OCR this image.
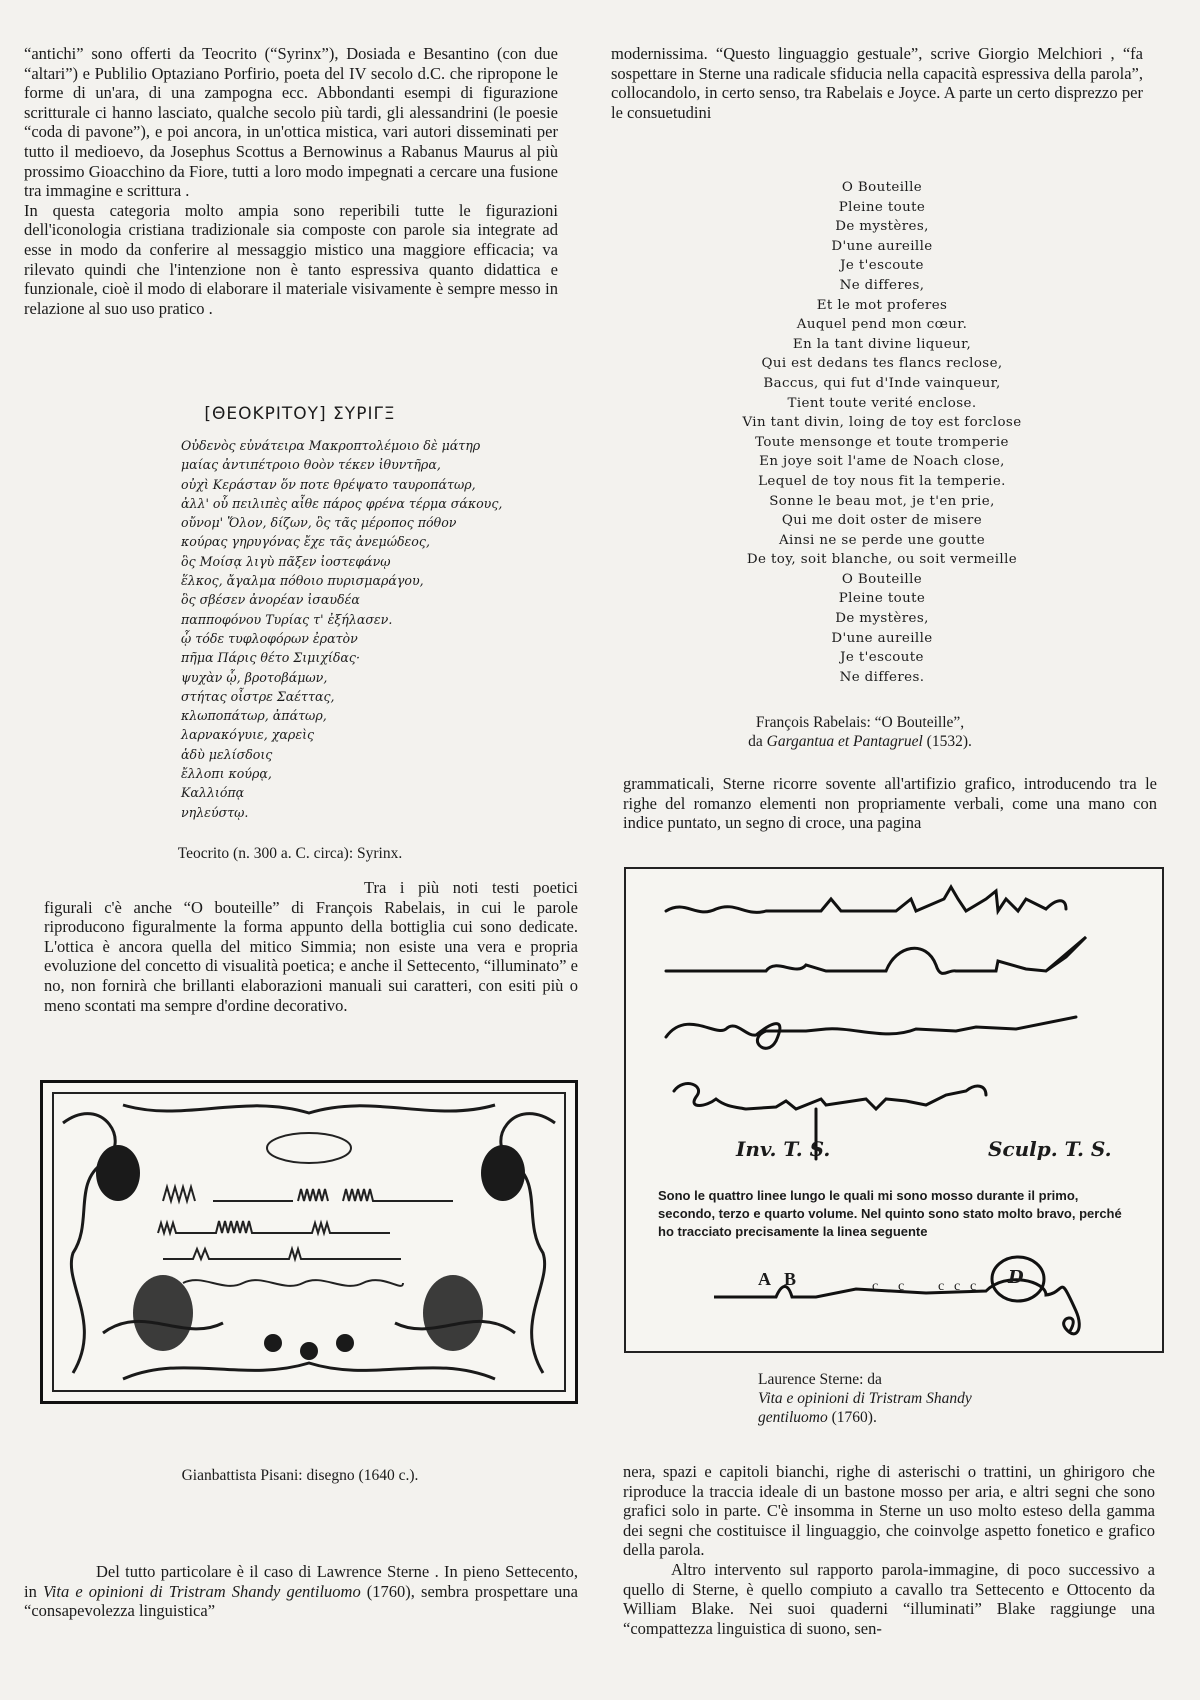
“antichi” sono offerti da Teocrito (“Syrinx”), Dosiada e Besantino (con due “altari”) e Publilio Optaziano Porfirio, poeta del IV secolo d.C. che ripropone le forme di un'ara, di una zampogna ecc. Abbondanti esempi di figurazione scritturale ci hanno lasciato, qualche secolo più tardi, gli alessandrini (le poesie “coda di pavone”), e poi ancora, in un'ottica mistica, vari autori disseminati per tutto il medioevo, da Josephus Scottus a Bernowinus a Rabanus Maurus al più prossimo Gioacchino da Fiore, tutti a loro modo impegnati a cercare una fusione tra immagine e scrittura .

In questa categoria molto ampia sono reperibili tutte le figurazioni dell'iconologia cristiana tradizionale sia composte con parole sia integrate ad esse in modo da conferire al messaggio mistico una maggiore efficacia; va rilevato quindi che l'intenzione non è tanto espressiva quanto didattica e funzionale, cioè il modo di elaborare il materiale visivamente è sempre messo in relazione al suo uso pratico .

[ΘΕΟΚΡΙΤΟΥ] ΣΥΡΙΓΞ
Οὐδενὸς εὐνάτειρα Μακροπτολέμοιο δὲ μάτηρ
μαίας ἀντιπέτροιο θοὸν τέκεν ἰθυντῆρα,
οὐχὶ Κεράσταν ὅν ποτε θρέψατο ταυροπάτωρ,
ἀλλ' οὗ πειλιπὲς αἶθε πάρος φρένα τέρμα σάκους,
οὔνομ' Ὅλον, δίζων, ὃς τᾶς μέροπος πόθον
κούρας γηρυγόνας ἔχε τᾶς ἀνεμώδεος,
ὃς Μοίσᾳ λιγὺ πᾶξεν ἰοστεφάνῳ
ἕλκος, ἄγαλμα πόθοιο πυρισμαράγου,
ὃς σβέσεν ἀνορέαν ἰσαυδέα
παπποφόνου Τυρίας τ' ἐξήλασεν.
ᾧ τόδε τυφλοφόρων ἐρατὸν
πῆμα Πάρις θέτο Σιμιχίδας·
ψυχὰν ᾧ, βροτοβάμων,
στήτας οἶστρε Σαέττας,
κλωποπάτωρ, ἀπάτωρ,
λαρνακόγυιε, χαρεὶς
ἁδὺ μελίσδοις
ἔλλοπι κούρᾳ,
Καλλιόπᾳ
νηλεύστῳ.
Teocrito (n. 300 a. C. circa): Syrinx.

Tra i più noti testi poetici figurali c'è anche “O bouteille” di François Rabelais, in cui le parole riproducono figuralmente la forma appunto della bottiglia cui sono dedicate. L'ottica è ancora quella del mitico Simmia; non esiste una vera e propria evoluzione del concetto di visualità poetica; e anche il Settecento, “illuminato” e no, non fornirà che brillanti elaborazioni manuali sui caratteri, con esiti più o meno scontati ma sempre d'ordine decorativo.

Gianbattista Pisani: disegno (1640 c.).
Del tutto particolare è il caso di Lawrence Sterne . In pieno Settecento, in Vita e opinioni di Tristram Shandy gentiluomo (1760), sembra prospettare una “consapevolezza linguistica”

modernissima. “Questo linguaggio gestuale”, scrive Giorgio Melchiori , “fa sospettare in Sterne una radicale sfiducia nella capacità espressiva della parola”, collocandolo, in certo senso, tra Rabelais e Joyce. A parte un certo disprezzo per le consuetudini

O Bouteille
Pleine toute
De mystères,
D'une aureille
Je t'escoute
Ne differes,
Et le mot proferes
Auquel pend mon cœur.
En la tant divine liqueur,
Qui est dedans tes flancs reclose,
Baccus, qui fut d'Inde vainqueur,
Tient toute verité enclose.
Vin tant divin, loing de toy est forclose
Toute mensonge et toute tromperie
En joye soit l'ame de Noach close,
Lequel de toy nous fit la temperie.
Sonne le beau mot, je t'en prie,
Qui me doit oster de misere
Ainsi ne se perde une goutte
De toy, soit blanche, ou soit vermeille
O Bouteille
Pleine toute
De mystères,
D'une aureille
Je t'escoute
Ne differes.
François Rabelais: “O Bouteille”,
da Gargantua et Pantagruel (1532).

grammaticali, Sterne ricorre sovente all'artifizio grafico, introducendo tra le righe del romanzo elementi non propriamente verbali, come una mano con indice puntato, un segno di croce, una pagina

Inv. T. S.	Sculp. T. S.
Sono le quattro linee lungo le quali mi sono mosso durante il primo, secondo, terzo e quarto volume. Nel quinto sono stato molto bravo, perché ho tracciato precisamente la linea seguente
A B	c c c c c D
Laurence Sterne: da
Vita e opinioni di Tristram Shandy
gentiluomo (1760).

nera, spazi e capitoli bianchi, righe di asterischi o trattini, un ghirigoro che riproduce la traccia ideale di un bastone mosso per aria, e altri segni che sono grafici solo in parte. C'è insomma in Sterne un uso molto esteso della gamma dei segni che costituisce il linguaggio, che coinvolge aspetto fonetico e grafico della parola.

Altro intervento sul rapporto parola-immagine, di poco successivo a quello di Sterne, è quello compiuto a cavallo tra Settecento e Ottocento da William Blake. Nei suoi quaderni “illuminati” Blake raggiunge una “compattezza linguistica di suono, sen-
